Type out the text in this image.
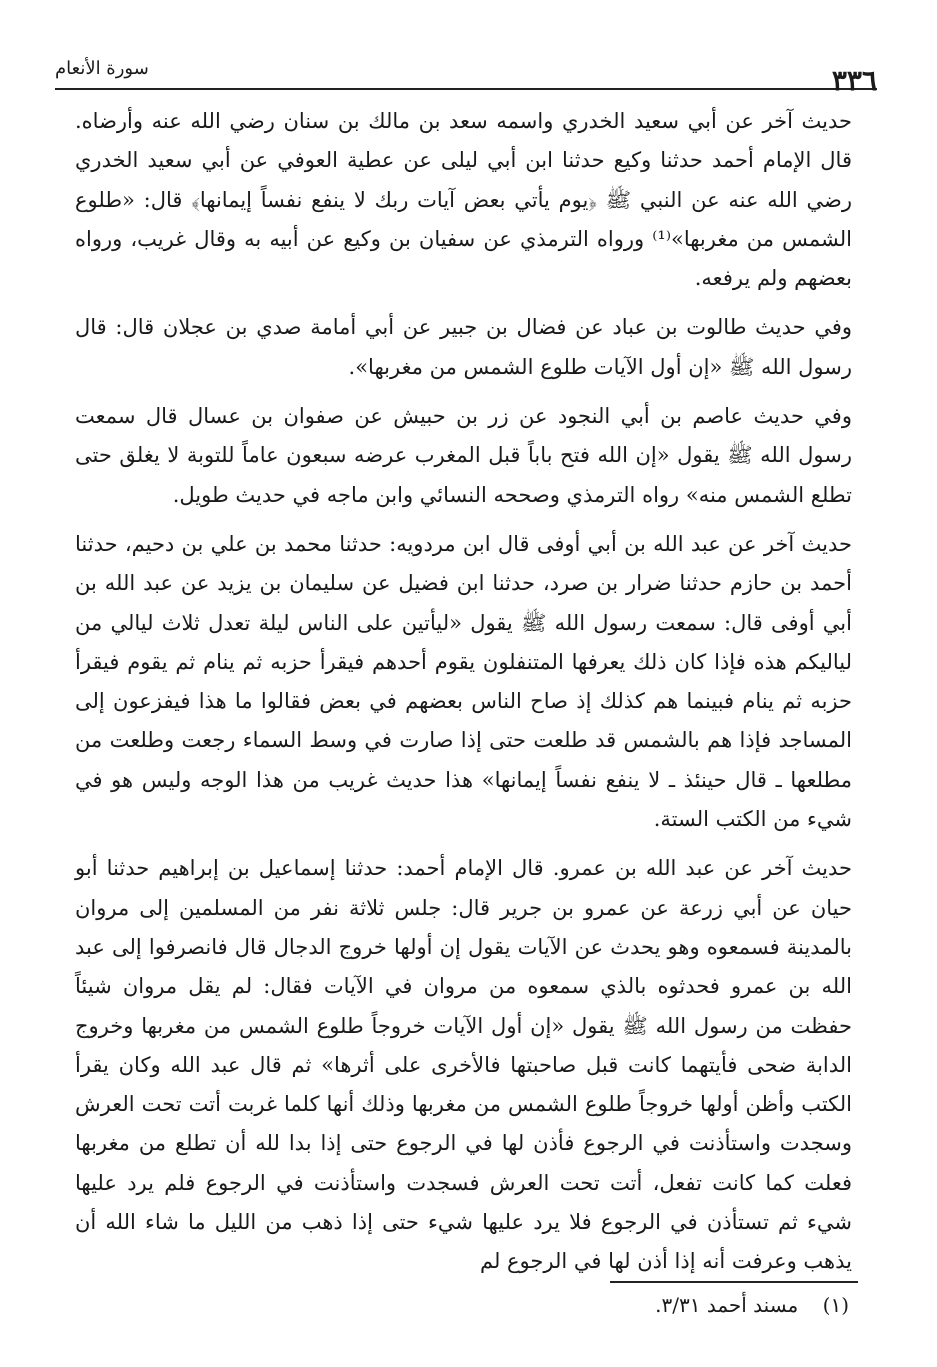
سورة الأنعام	٣٣٦

حديث آخر عن أبي سعيد الخدري واسمه سعد بن مالك بن سنان رضي الله عنه وأرضاه. قال الإمام أحمد حدثنا وكيع حدثنا ابن أبي ليلى عن عطية العوفي عن أبي سعيد الخدري رضي الله عنه عن النبي ﷺ ﴿يوم يأتي بعض آيات ربك لا ينفع نفساً إيمانها﴾ قال: «طلوع الشمس من مغربها»⁽¹⁾ ورواه الترمذي عن سفيان بن وكيع عن أبيه به وقال غريب، ورواه بعضهم ولم يرفعه.

وفي حديث طالوت بن عباد عن فضال بن جبير عن أبي أمامة صدي بن عجلان قال: قال رسول الله ﷺ «إن أول الآيات طلوع الشمس من مغربها».

وفي حديث عاصم بن أبي النجود عن زر بن حبيش عن صفوان بن عسال قال سمعت رسول الله ﷺ يقول «إن الله فتح باباً قبل المغرب عرضه سبعون عاماً للتوبة لا يغلق حتى تطلع الشمس منه» رواه الترمذي وصححه النسائي وابن ماجه في حديث طويل.

حديث آخر عن عبد الله بن أبي أوفى قال ابن مردويه: حدثنا محمد بن علي بن دحيم، حدثنا أحمد بن حازم حدثنا ضرار بن صرد، حدثنا ابن فضيل عن سليمان بن يزيد عن عبد الله بن أبي أوفى قال: سمعت رسول الله ﷺ يقول «ليأتين على الناس ليلة تعدل ثلاث ليالي من لياليكم هذه فإذا كان ذلك يعرفها المتنفلون يقوم أحدهم فيقرأ حزبه ثم ينام ثم يقوم فيقرأ حزبه ثم ينام فبينما هم كذلك إذ صاح الناس بعضهم في بعض فقالوا ما هذا فيفزعون إلى المساجد فإذا هم بالشمس قد طلعت حتى إذا صارت في وسط السماء رجعت وطلعت من مطلعها ـ قال حينئذ ـ لا ينفع نفساً إيمانها» هذا حديث غريب من هذا الوجه وليس هو في شيء من الكتب الستة.

حديث آخر عن عبد الله بن عمرو. قال الإمام أحمد: حدثنا إسماعيل بن إبراهيم حدثنا أبو حيان عن أبي زرعة عن عمرو بن جرير قال: جلس ثلاثة نفر من المسلمين إلى مروان بالمدينة فسمعوه وهو يحدث عن الآيات يقول إن أولها خروج الدجال قال فانصرفوا إلى عبد الله بن عمرو فحدثوه بالذي سمعوه من مروان في الآيات فقال: لم يقل مروان شيئاً حفظت من رسول الله ﷺ يقول «إن أول الآيات خروجاً طلوع الشمس من مغربها وخروج الدابة ضحى فأيتهما كانت قبل صاحبتها فالأخرى على أثرها» ثم قال عبد الله وكان يقرأ الكتب وأظن أولها خروجاً طلوع الشمس من مغربها وذلك أنها كلما غربت أتت تحت العرش وسجدت واستأذنت في الرجوع فأذن لها في الرجوع حتى إذا بدا لله أن تطلع من مغربها فعلت كما كانت تفعل، أتت تحت العرش فسجدت واستأذنت في الرجوع فلم يرد عليها شيء ثم تستأذن في الرجوع فلا يرد عليها شيء حتى إذا ذهب من الليل ما شاء الله أن يذهب وعرفت أنه إذا أذن لها في الرجوع لم

(١) مسند أحمد ٣/٣١.
